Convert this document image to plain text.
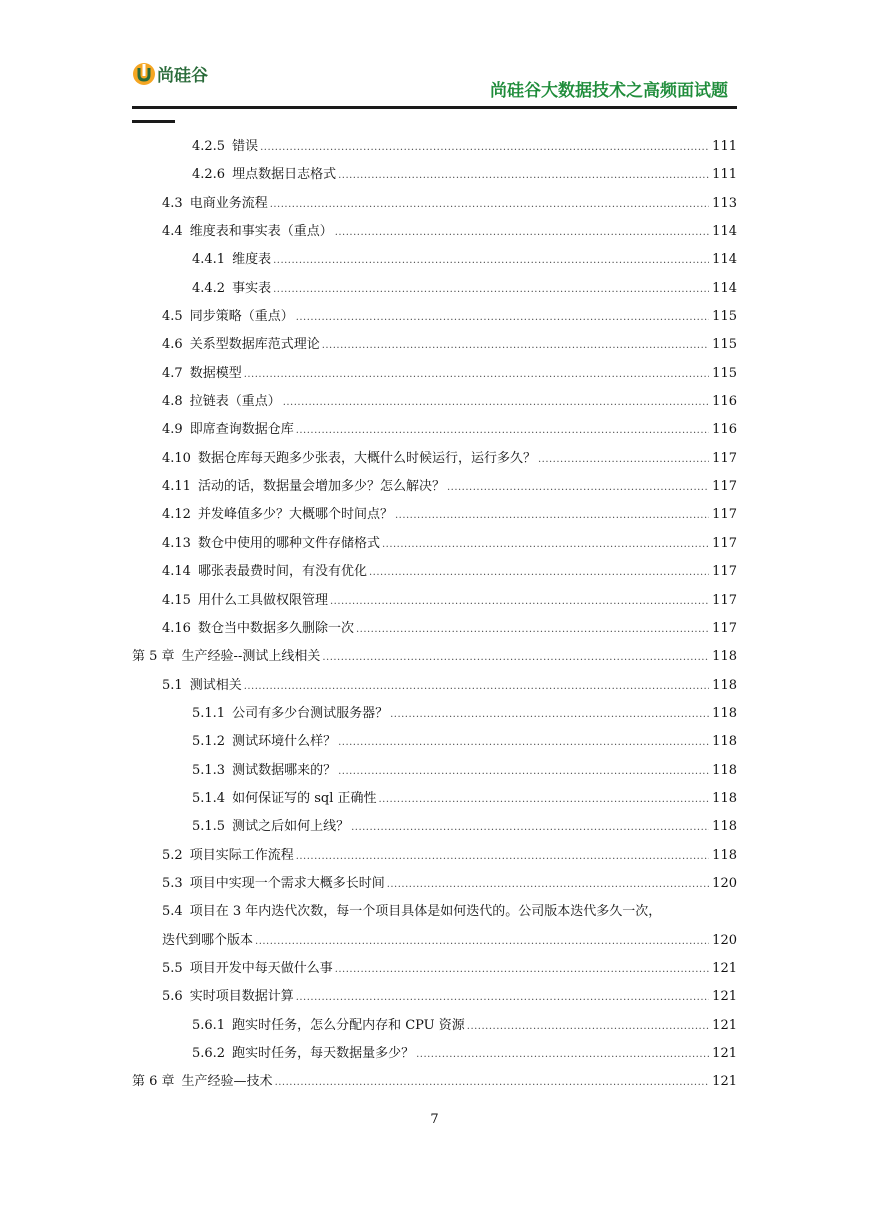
尚硅谷
尚硅谷大数据技术之高频面试题
4.2.5 错误 .....	111
4.2.6 埋点数据日志格式 .....	111
4.3 电商业务流程 .....	113
4.4 维度表和事实表（重点） .....	114
4.4.1 维度表 .....	114
4.4.2 事实表 .....	114
4.5 同步策略（重点） .....	115
4.6 关系型数据库范式理论 .....	115
4.7 数据模型 .....	115
4.8 拉链表（重点） .....	116
4.9 即席查询数据仓库 .....	116
4.10 数据仓库每天跑多少张表，大概什么时候运行，运行多久？ .....	117
4.11 活动的话，数据量会增加多少？怎么解决？ .....	117
4.12 并发峰值多少？大概哪个时间点？ .....	117
4.13 数仓中使用的哪种文件存储格式 .....	117
4.14 哪张表最费时间，有没有优化 .....	117
4.15 用什么工具做权限管理 .....	117
4.16 数仓当中数据多久删除一次 .....	117
第 5 章 生产经验--测试上线相关 .....	118
5.1 测试相关 .....	118
5.1.1 公司有多少台测试服务器？ .....	118
5.1.2 测试环境什么样？ .....	118
5.1.3 测试数据哪来的？ .....	118
5.1.4 如何保证写的 sql 正确性 .....	118
5.1.5 测试之后如何上线？ .....	118
5.2 项目实际工作流程 .....	118
5.3 项目中实现一个需求大概多长时间 .....	120
5.4 项目在 3 年内迭代次数，每一个项目具体是如何迭代的。公司版本迭代多久一次，
迭代到哪个版本 .....	120
5.5 项目开发中每天做什么事 .....	121
5.6 实时项目数据计算 .....	121
5.6.1 跑实时任务，怎么分配内存和 CPU 资源 .....	121
5.6.2 跑实时任务，每天数据量多少？ .....	121
第 6 章 生产经验—技术 .....	121
7
